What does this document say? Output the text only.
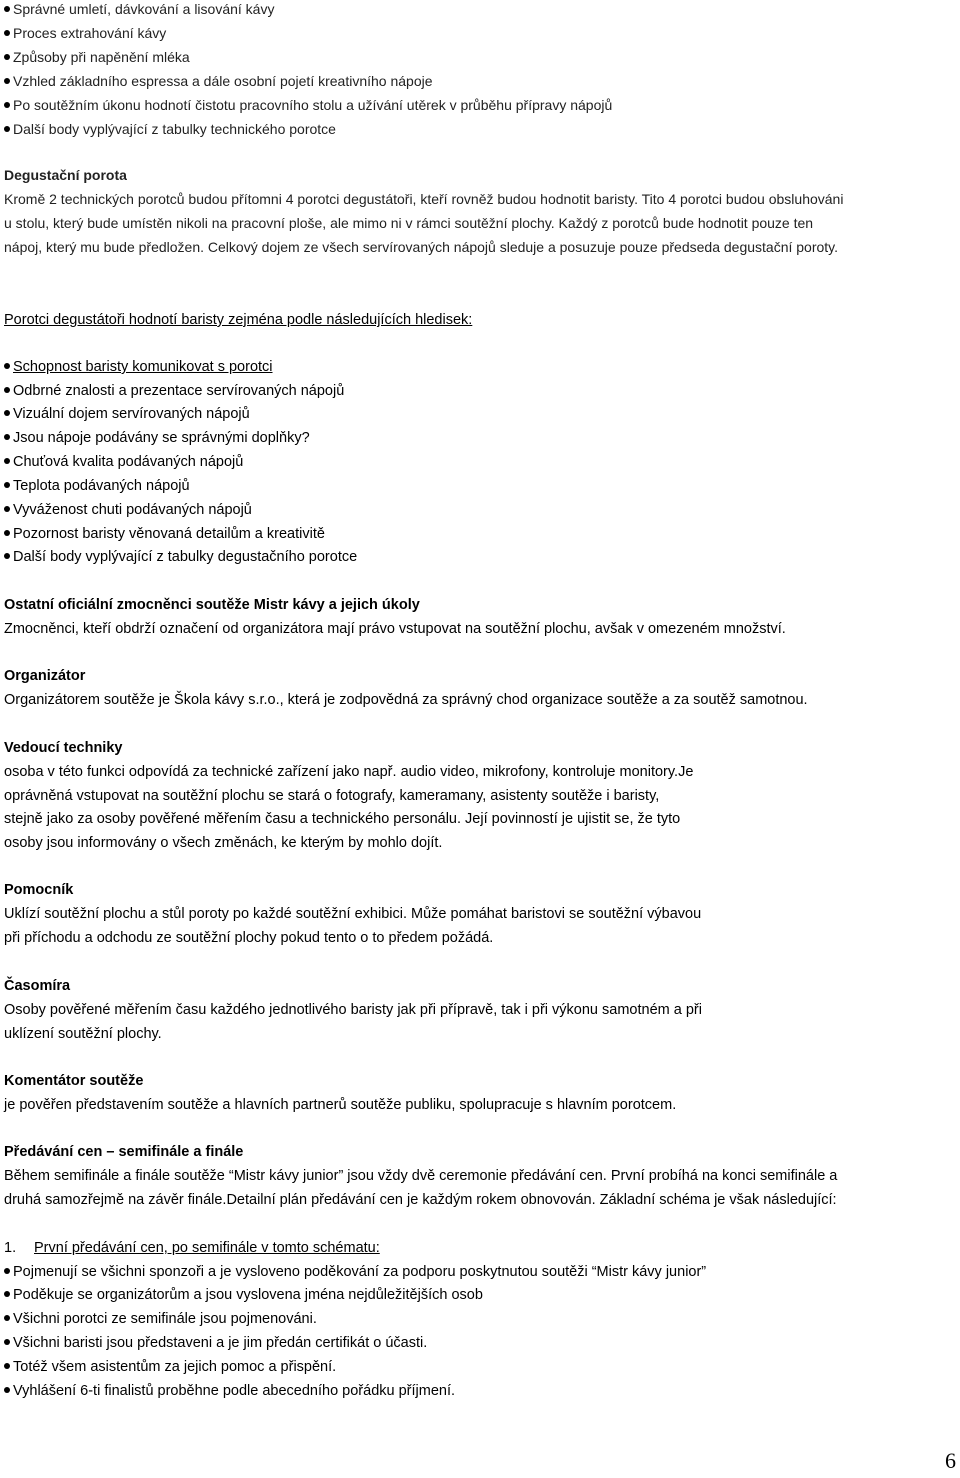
Správné umletí, dávkování a lisování kávy
Proces extrahování kávy
Způsoby při napěnění mléka
Vzhled základního espressa a dále osobní pojetí kreativního nápoje
Po soutěžním úkonu hodnotí čistotu pracovního stolu a užívání utěrek v průběhu přípravy nápojů
Další body vyplývající z tabulky technického porotce
Degustační porota
Kromě 2 technických porotců budou přítomni 4 porotci degustátoři, kteří rovněž budou hodnotit baristy. Tito 4 porotci budou obsluhováni
u stolu, který bude umístěn nikoli na pracovní ploše, ale mimo ni v rámci soutěžní plochy. Každý z porotců bude hodnotit pouze ten
nápoj, který mu bude předložen. Celkový dojem ze všech servírovaných nápojů sleduje a posuzuje pouze předseda degustační poroty.
Porotci degustátoři hodnotí baristy zejména podle následujících hledisek:
Schopnost baristy komunikovat s porotci
Odbrné znalosti a prezentace servírovaných nápojů
Vizuální dojem servírovaných nápojů
Jsou nápoje podávány se správnými doplňky?
Chuťová kvalita podávaných nápojů
Teplota podávaných nápojů
Vyváženost chuti podávaných nápojů
Pozornost baristy věnovaná detailům a kreativitě
Další body vyplývající z tabulky degustačního porotce
Ostatní oficiální zmocněnci soutěže Mistr kávy a jejich úkoly
Zmocněnci, kteří obdrží označení od organizátora mají právo vstupovat na soutěžní plochu, avšak v omezeném množství.
Organizátor
Organizátorem soutěže je Škola kávy s.r.o., která je zodpovědná za správný chod organizace soutěže a za soutěž samotnou.
Vedoucí techniky
osoba v této funkci odpovídá za technické zařízení jako např. audio video, mikrofony, kontroluje monitory.Je
oprávněná vstupovat na soutěžní plochu se stará o fotografy, kameramany, asistenty soutěže i baristy,
stejně jako za osoby pověřené měřením času a technického personálu. Její povinností je ujistit se, že tyto
osoby jsou informovány o všech změnách, ke kterým by mohlo dojít.
Pomocník
Uklízí soutěžní plochu a stůl poroty po každé soutěžní exhibici. Může pomáhat baristovi se soutěžní výbavou
při příchodu a odchodu ze soutěžní plochy pokud tento o to předem požádá.
Časomíra
Osoby pověřené měřením času každého jednotlivého baristy jak při přípravě, tak i při výkonu samotném a při
uklízení soutěžní plochy.
Komentátor soutěže
je pověřen představením soutěže a hlavních partnerů soutěže publiku, spolupracuje s hlavním porotcem.
Předávání cen – semifinále a finále
Během semifinále a finále soutěže “Mistr kávy junior” jsou vždy dvě ceremonie předávání cen. První probíhá na konci semifinále a
druhá samozřejmě na závěr finále.Detailní plán předávání cen je každým rokem obnovován. Základní schéma je však následující:
1. První předávání cen, po semifinále v tomto schématu:
Pojmenují se všichni sponzoři a je vysloveno poděkování za podporu poskytnutou soutěži “Mistr kávy junior”
Poděkuje se organizátorům a jsou vyslovena jména nejdůležitějších osob
Všichni porotci ze semifinále jsou pojmenováni.
Všichni baristi jsou představeni a je jim předán certifikát o účasti.
Totéž všem asistentům za jejich pomoc a přispění.
Vyhlášení 6-ti finalistů proběhne podle abecedního pořádku příjmení.
6
